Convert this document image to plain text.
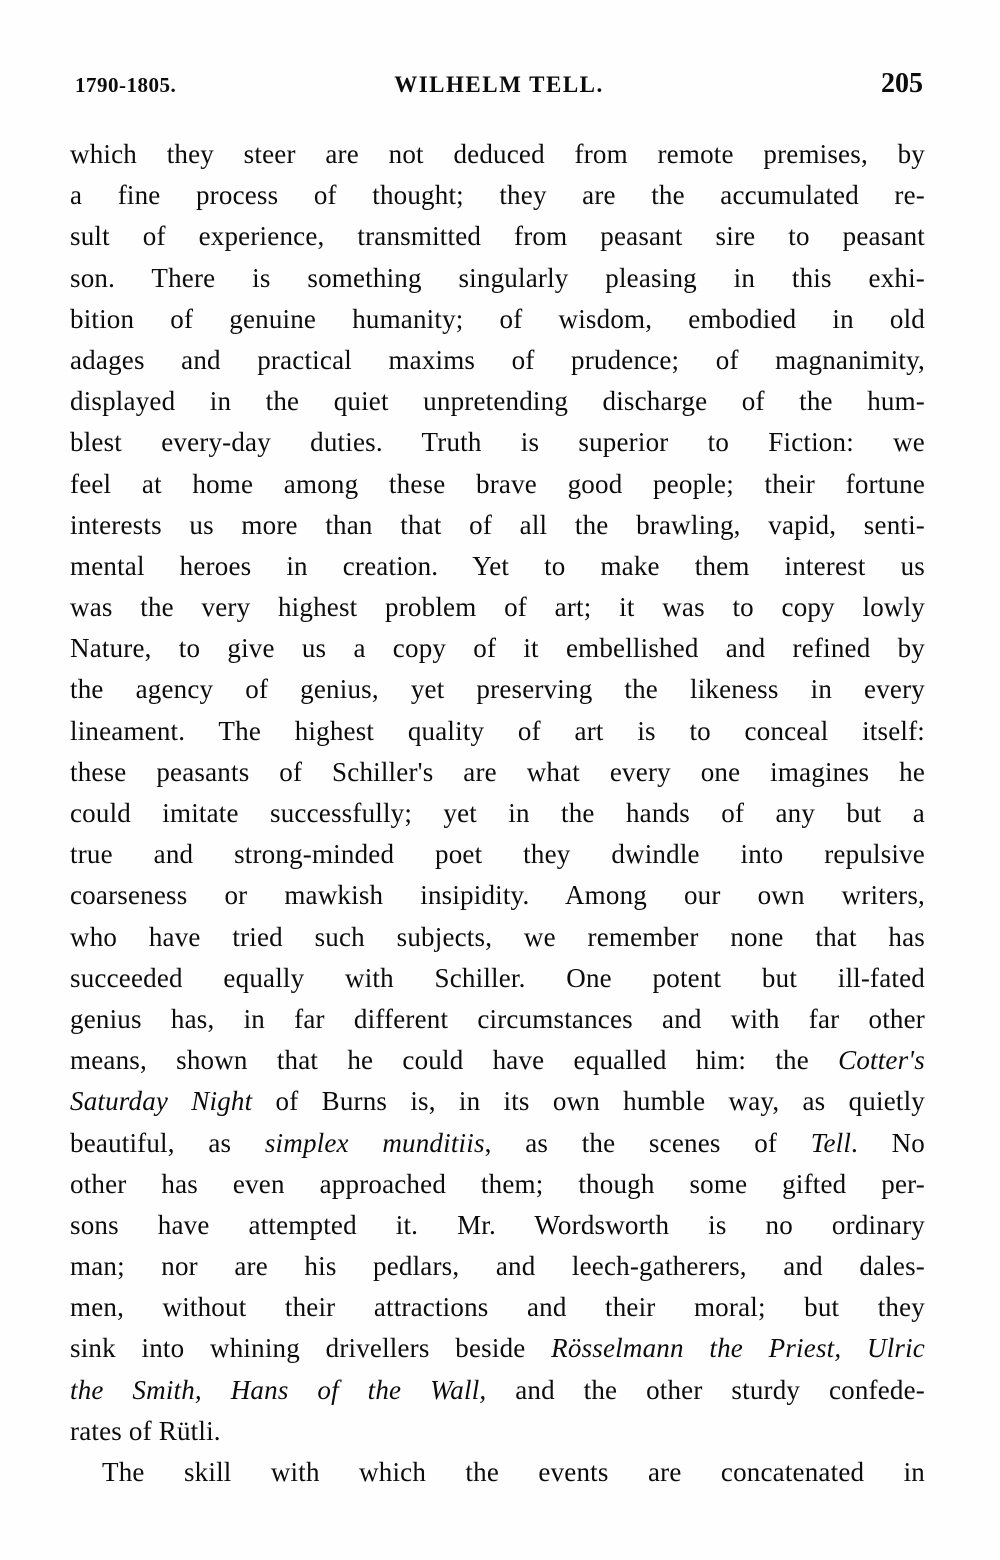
1790-1805.	WILHELM TELL.	205
which they steer are not deduced from remote premises, by
a fine process of thought; they are the accumulated re-
sult of experience, transmitted from peasant sire to peasant
son. There is something singularly pleasing in this exhi-
bition of genuine humanity; of wisdom, embodied in old
adages and practical maxims of prudence; of magnanimity,
displayed in the quiet unpretending discharge of the hum-
blest every-day duties. Truth is superior to Fiction: we
feel at home among these brave good people; their fortune
interests us more than that of all the brawling, vapid, senti-
mental heroes in creation. Yet to make them interest us
was the very highest problem of art; it was to copy lowly
Nature, to give us a copy of it embellished and refined by
the agency of genius, yet preserving the likeness in every
lineament. The highest quality of art is to conceal itself:
these peasants of Schiller's are what every one imagines he
could imitate successfully; yet in the hands of any but a
true and strong-minded poet they dwindle into repulsive
coarseness or mawkish insipidity. Among our own writers,
who have tried such subjects, we remember none that has
succeeded equally with Schiller. One potent but ill-fated
genius has, in far different circumstances and with far other
means, shown that he could have equalled him: the Cotter's
Saturday Night of Burns is, in its own humble way, as quietly
beautiful, as simplex munditiis, as the scenes of Tell. No
other has even approached them; though some gifted per-
sons have attempted it. Mr. Wordsworth is no ordinary
man; nor are his pedlars, and leech-gatherers, and dales-
men, without their attractions and their moral; but they
sink into whining drivellers beside Rösselmann the Priest, Ulric
the Smith, Hans of the Wall, and the other sturdy confede-
rates of Rütli.
The skill with which the events are concatenated in
